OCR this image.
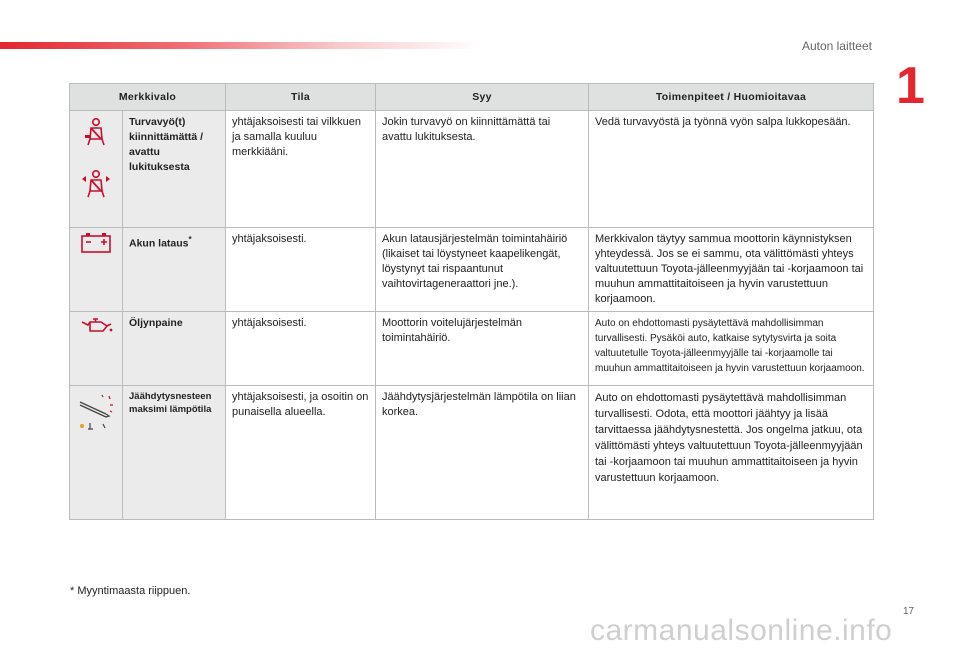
Auton laitteet
1
Merkkivalo		Tila	Syy	Toimenpiteet / Huomioitavaa

	Turvavyö(t) kiinnittämättä / avattu lukituksesta	yhtäjaksoisesti tai vilkkuen ja samalla kuuluu merkkiääni.	Jokin turvavyö on kiinnittämättä tai avattu lukituksesta.	Vedä turvavyöstä ja työnnä vyön salpa lukkopesään.

	Akun lataus*	yhtäjaksoisesti.	Akun latausjärjestelmän toimintahäiriö (likaiset tai löystyneet kaapelikengät, löystynyt tai rispaantunut vaihtovirtageneraattori jne.).	Merkkivalon täytyy sammua moottorin käynnistyksen yhteydessä. Jos se ei sammu, ota välittömästi yhteys valtuutettuun Toyota-jälleenmyyjään tai -korjaamoon tai muuhun ammattitaitoiseen ja hyvin varustettuun korjaamoon.

	Öljynpaine	yhtäjaksoisesti.	Moottorin voitelujärjestelmän toimintahäiriö.	Auto on ehdottomasti pysäytettävä mahdollisimman turvallisesti. Pysäköi auto, katkaise sytytysvirta ja soita valtuutetulle Toyota-jälleenmyyjälle tai -korjaamolle tai muuhun ammattitaitoiseen ja hyvin varustettuun korjaamoon.

	Jäähdytysnesteen maksimi lämpötila	yhtäjaksoisesti, ja osoitin on punaisella alueella.	Jäähdytysjärjestelmän lämpötila on liian korkea.	Auto on ehdottomasti pysäytettävä mahdollisimman turvallisesti. Odota, että moottori jäähtyy ja lisää tarvittaessa jäähdytysnestettä. Jos ongelma jatkuu, ota välittömästi yhteys valtuutettuun Toyota-jälleenmyyjään tai -korjaamoon tai muuhun ammattitaitoiseen ja hyvin varustettuun korjaamoon.
* Myyntimaasta riippuen.
17
carmanualsonline.info
